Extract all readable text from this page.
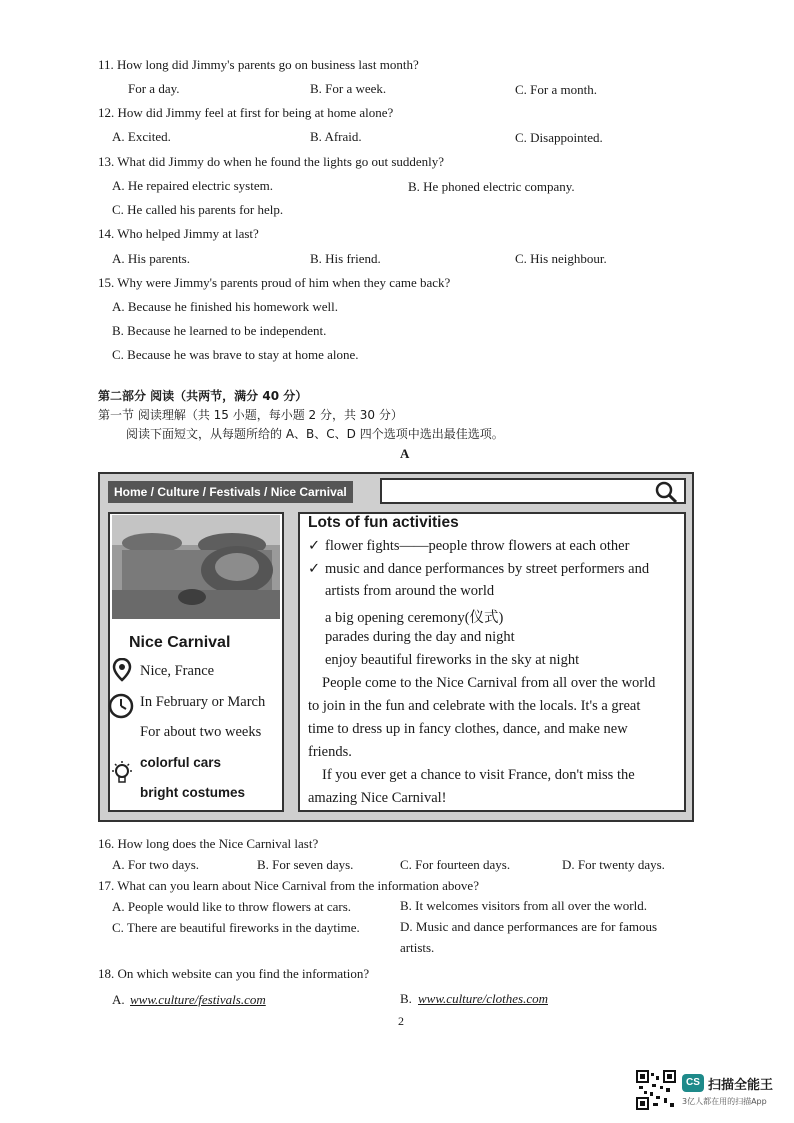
11. How long did Jimmy's parents go on business last month?
For a day.	B. For a week.	C. For a month.
12. How did Jimmy feel at first for being at home alone?
A. Excited.	B. Afraid.	C. Disappointed.
13. What did Jimmy do when he found the lights go out suddenly?
A. He repaired electric system.	B. He phoned electric company.
C. He called his parents for help.
14. Who helped Jimmy at last?
A. His parents.	B. His friend.	C. His neighbour.
15. Why were Jimmy's parents proud of him when they came back?
A. Because he finished his homework well.
B. Because he learned to be independent.
C. Because he was brave to stay at home alone.
第二部分 阅读（共两节，满分 40 分）
第一节 阅读理解（共 15 小题，每小题 2 分，共 30 分）
阅读下面短文，从每题所给的 A、B、C、D 四个选项中选出最佳选项。
A
Home / Culture / Festivals / Nice Carnival
Nice Carnival
Nice, France
In February or March
For about two weeks
colorful cars
bright costumes
Lots of fun activities
✓ flower fights——people throw flowers at each other
✓ music and dance performances by street performers and
artists from around the world
a big opening ceremony(仪式)
parades during the day and night
enjoy beautiful fireworks in the sky at night
People come to the Nice Carnival from all over the world
to join in the fun and celebrate with the locals. It's a great
time to dress up in fancy clothes, dance, and make new
friends.
If you ever get a chance to visit France, don't miss the
amazing Nice Carnival!
16. How long does the Nice Carnival last?
A. For two days.	B. For seven days.	C. For fourteen days.	D. For twenty days.
17. What can you learn about Nice Carnival from the information above?
A. People would like to throw flowers at cars.	B. It welcomes visitors from all over the world.
C. There are beautiful fireworks in the daytime.	D. Music and dance performances are for famous
artists.
18. On which website can you find the information?
A. www.culture/festivals.com	B. www.culture/clothes.com
2
CS 扫描全能王
3亿人都在用的扫描App
